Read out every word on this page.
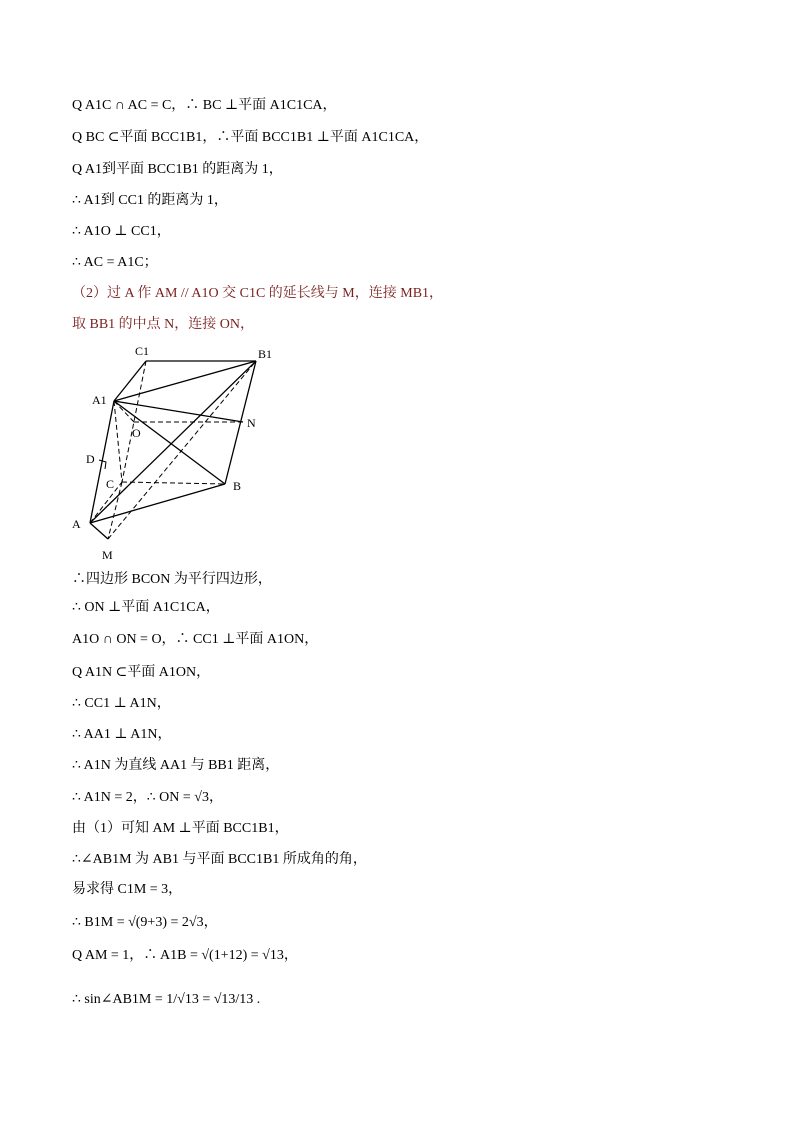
Q A1C ∩ AC = C，∴ BC ⊥平面 A1C1CA，
Q BC ⊂平面 BCC1B1，∴平面 BCC1B1 ⊥平面 A1C1CA，
Q A1到平面 BCC1B1 的距离为 1，
∴ A1到 CC1 的距离为 1，
∴ A1O ⊥ CC1，
∴ AC = A1C；
（2）过 A 作 AM // A1O 交 C1C 的延长线与 M，连接 MB1，
取 BB1 的中点 N，连接 ON，
C1	B1
A1
O
N
D
C	B
A
M
∴四边形 BCON 为平行四边形，
∴ ON ⊥平面 A1C1CA，
A1O ∩ ON = O，∴ CC1 ⊥平面 A1ON，
Q A1N ⊂平面 A1ON，
∴ CC1 ⊥ A1N，
∴ AA1 ⊥ A1N，
∴ A1N 为直线 AA1 与 BB1 距离，
∴ A1N = 2，∴ ON = √3，
由（1）可知 AM ⊥平面 BCC1B1，
∴∠AB1M 为 AB1 与平面 BCC1B1 所成角的角，
易求得 C1M = 3，
∴ B1M = √(9+3) = 2√3，
Q AM = 1，∴ A1B = √(1+12) = √13，
∴ sin∠AB1M = 1/√13 = √13/13 .
